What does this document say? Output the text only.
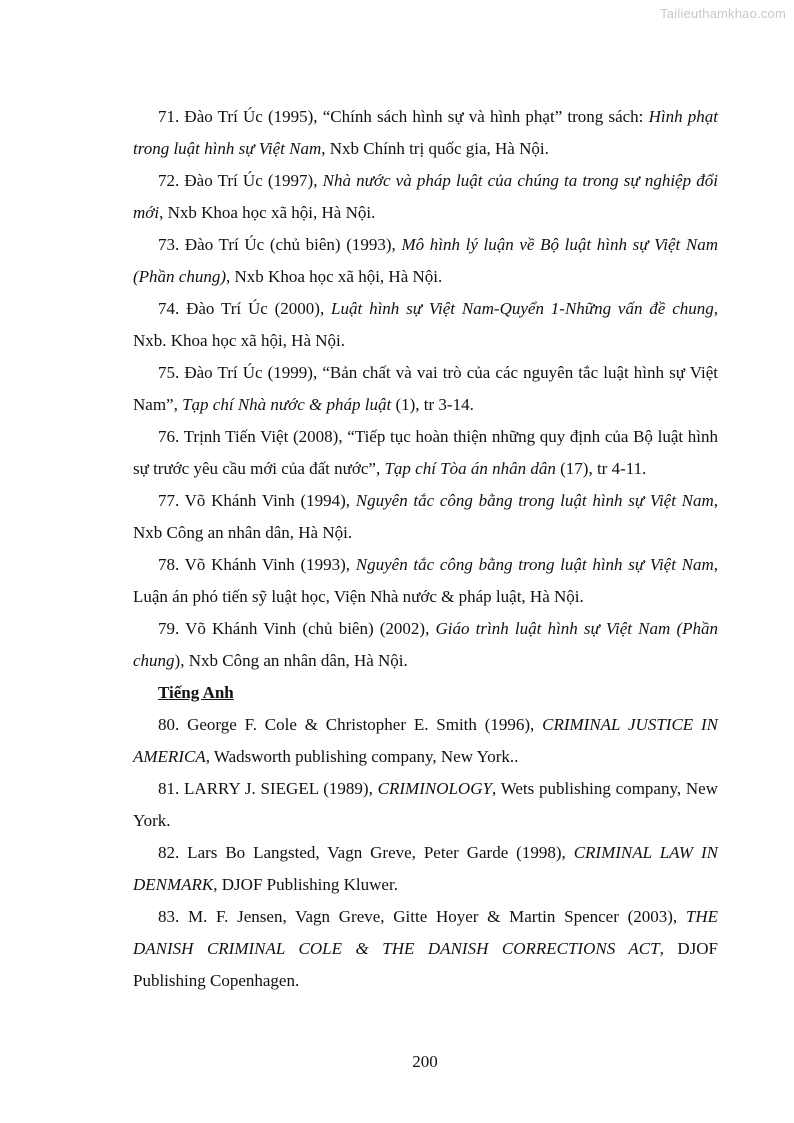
Tailieuthamkhao.com

71. Đào Trí Úc (1995), “Chính sách hình sự và hình phạt” trong sách: Hình phạt trong luật hình sự Việt Nam, Nxb Chính trị quốc gia, Hà Nội.

72. Đào Trí Úc (1997), Nhà nước và pháp luật của chúng ta trong sự nghiệp đổi mới, Nxb Khoa học xã hội, Hà Nội.

73. Đào Trí Úc (chủ biên) (1993), Mô hình lý luận về Bộ luật hình sự Việt Nam (Phần chung), Nxb Khoa học xã hội, Hà Nội.

74. Đào Trí Úc (2000), Luật hình sự Việt Nam-Quyển 1-Những vấn đề chung, Nxb. Khoa học xã hội, Hà Nội.

75. Đào Trí Úc (1999), “Bản chất và vai trò của các nguyên tắc luật hình sự Việt Nam”, Tạp chí Nhà nước & pháp luật (1), tr 3-14.

76. Trịnh Tiến Việt (2008), “Tiếp tục hoàn thiện những quy định của Bộ luật hình sự trước yêu cầu mới của đất nước”, Tạp chí Tòa án nhân dân (17), tr 4-11.

77. Võ Khánh Vinh (1994), Nguyên tắc công bằng trong luật hình sự Việt Nam, Nxb Công an nhân dân, Hà Nội.

78. Võ Khánh Vinh (1993), Nguyên tắc công bằng trong luật hình sự Việt Nam, Luận án phó tiến sỹ luật học, Viện Nhà nước & pháp luật, Hà Nội.

79. Võ Khánh Vinh (chủ biên) (2002), Giáo trình luật hình sự Việt Nam (Phần chung), Nxb Công an nhân dân, Hà Nội.

Tiếng Anh

80. George F. Cole & Christopher E. Smith (1996), CRIMINAL JUSTICE IN AMERICA, Wadsworth publishing company, New York..

81. LARRY J. SIEGEL (1989), CRIMINOLOGY, Wets publishing company, New York.

82. Lars Bo Langsted, Vagn Greve, Peter Garde (1998), CRIMINAL LAW IN DENMARK, DJOF Publishing Kluwer.

83. M. F. Jensen, Vagn Greve, Gitte Hoyer & Martin Spencer (2003), THE DANISH CRIMINAL COLE & THE DANISH CORRECTIONS ACT, DJOF Publishing Copenhagen.

200
